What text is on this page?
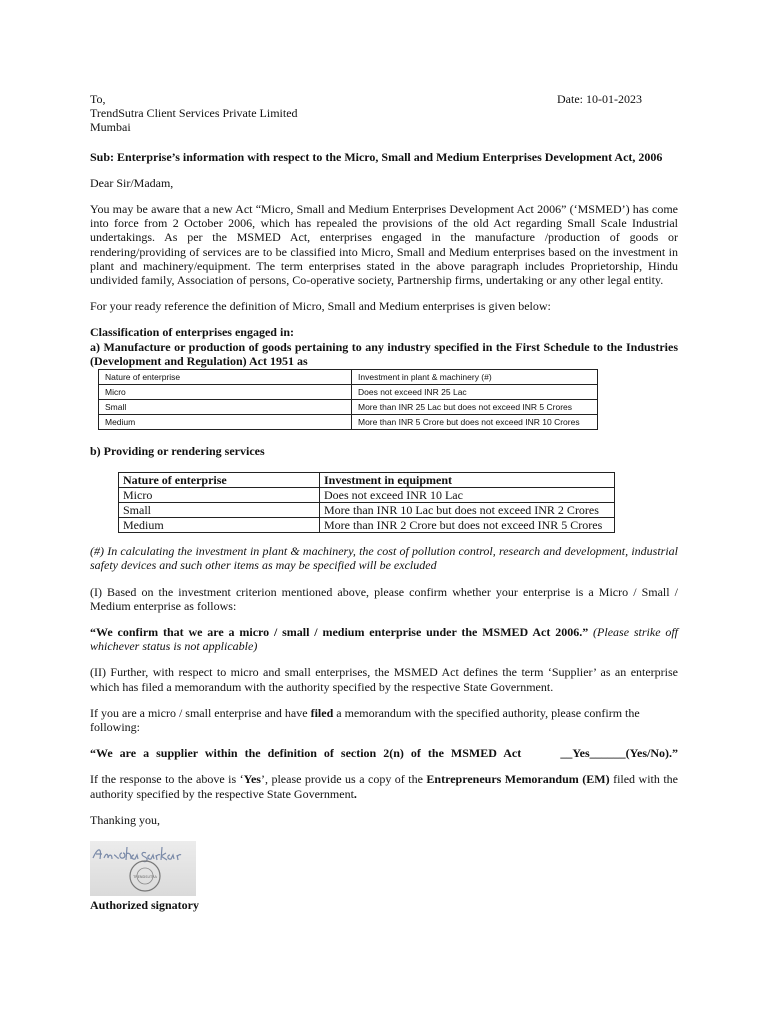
To,

TrendSutra Client Services Private Limited

Mumbai

Date: 10-01-2023

Sub: Enterprise’s information with respect to the Micro, Small and Medium Enterprises Development Act, 2006

Dear Sir/Madam,

You may be aware that a new Act “Micro, Small and Medium Enterprises Development Act 2006” (‘MSMED’) has come into force from 2 October 2006, which has repealed the provisions of the old Act regarding Small Scale Industrial undertakings. As per the MSMED Act, enterprises engaged in the manufacture /production of goods or rendering/providing of services are to be classified into Micro, Small and Medium enterprises based on the investment in plant and machinery/equipment. The term enterprises stated in the above paragraph includes Proprietorship, Hindu undivided family, Association of persons, Co-operative society, Partnership firms, undertaking or any other legal entity.

For your ready reference the definition of Micro, Small and Medium enterprises is given below:

Classification of enterprises engaged in:

a) Manufacture or production of goods pertaining to any industry specified in the First Schedule to the Industries (Development and Regulation) Act 1951 as

Nature of enterprise	Investment in plant & machinery (#)
Micro	Does not exceed INR 25 Lac
Small	More than INR 25 Lac but does not exceed INR 5 Crores
Medium	More than INR 5 Crore but does not exceed INR 10 Crores

b) Providing or rendering services

Nature of enterprise	Investment in equipment
Micro	Does not exceed INR 10 Lac
Small	More than INR 10 Lac but does not exceed INR 2 Crores
Medium	More than INR 2 Crore but does not exceed INR 5 Crores

(#) In calculating the investment in plant & machinery, the cost of pollution control, research and development, industrial safety devices and such other items as may be specified will be excluded

(I) Based on the investment criterion mentioned above, please confirm whether your enterprise is a Micro / Small / Medium enterprise as follows:

“We confirm that we are a micro / small / medium enterprise under the MSMED Act 2006.” (Please strike off whichever status is not applicable)

(II) Further, with respect to micro and small enterprises, the MSMED Act defines the term ‘Supplier’ as an enterprise which has filed a memorandum with the authority specified by the respective State Government.

If you are a micro / small enterprise and have filed a memorandum with the specified authority, please confirm the following:

“We are a supplier within the definition of section 2(n) of the MSMED Act	__Yes______(Yes/No).”

If the response to the above is ‘Yes’, please provide us a copy of the Entrepreneurs Memorandum (EM) filed with the authority specified by the respective State Government.

Thanking you,

TRENDSUTRA

Authorized signatory
